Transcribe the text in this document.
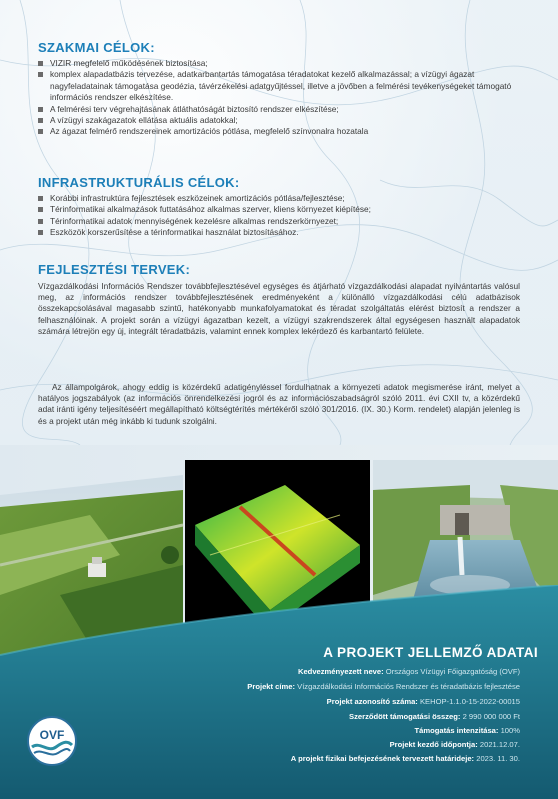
SZAKMAI CÉLOK:
VIZIR megfelelő működésének biztosítása;
komplex alapadatbázis tervezése, adatkarbantartás támogatása téradatokat kezelő alkalmazással; a vízügyi ágazat nagyfeladatainak támogatása geodézia, távérzékelési adatgyűjtéssel, illetve a jövőben a felmérési tevékenységeket támogató információs rendszer elkészítése.
A felmérési terv végrehajtásának átláthatóságát biztosító rendszer elkészítése;
A vízügyi szakágazatok ellátása aktuális adatokkal;
Az ágazat felmérő rendszereinek amortizációs pótlása, megfelelő színvonalra hozatala
INFRASTRUKTURÁLIS CÉLOK:
Korábbi infrastruktúra fejlesztések eszközeinek amortizációs pótlása/fejlesztése;
Térinformatikai alkalmazások futtatásához alkalmas szerver, kliens környezet kiépítése;
Térinformatikai adatok mennyiségének kezelésre alkalmas rendszerkörnyezet;
Eszközök korszerűsítése a térinformatikai használat biztosításához.
FEJLESZTÉSI TERVEK:

Vízgazdálkodási Információs Rendszer továbbfejlesztésével egységes és átjárható vízgazdálkodási alapadat nyilvántartás valósul meg, az információs rendszer továbbfejlesztésének eredményeként a különálló vízgazdálkodási célú adatbázisok összekapcsolásával magasabb szintű, hatékonyabb munkafolyamatokat és téradat szolgáltatás elérést biztosít a rendszer a felhasználóinak. A projekt során a vízügyi ágazatban kezelt, a vízügyi szakrendszerek által egységesen használt alapadatok számára létrejön egy új, integrált téradatbázis, valamint ennek komplex lekérdező és karbantartó felülete.

Az állampolgárok, ahogy eddig is közérdekű adatigényléssel fordulhatnak a környezeti adatok megismerése iránt, melyet a hatályos jogszabályok (az információs önrendelkezési jogról és az információszabadságról szóló 2011. évi CXII tv, a közérdekű adat iránti igény teljesítéséért megállapítható költségtérítés mértékéről szóló 301/2016. (IX. 30.) Korm. rendelet) alapján jelenleg is és a projekt után még inkább ki tudunk szolgálni.

A PROJEKT JELLEMZŐ ADATAI
Kedvezményezett neve: Országos Vízügyi Főigazgatóság (OVF)
Projekt címe: Vízgazdálkodási Információs Rendszer és téradatbázis fejlesztése
Projekt azonosító száma: KEHOP-1.1.0-15-2022-00015
Szerződött támogatási összeg: 2 990 000 000 Ft
Támogatás intenzitása: 100%
Projekt kezdő időpontja: 2021.12.07.
A projekt fizikai befejezésének tervezett határideje: 2023. 11. 30.
OVF
